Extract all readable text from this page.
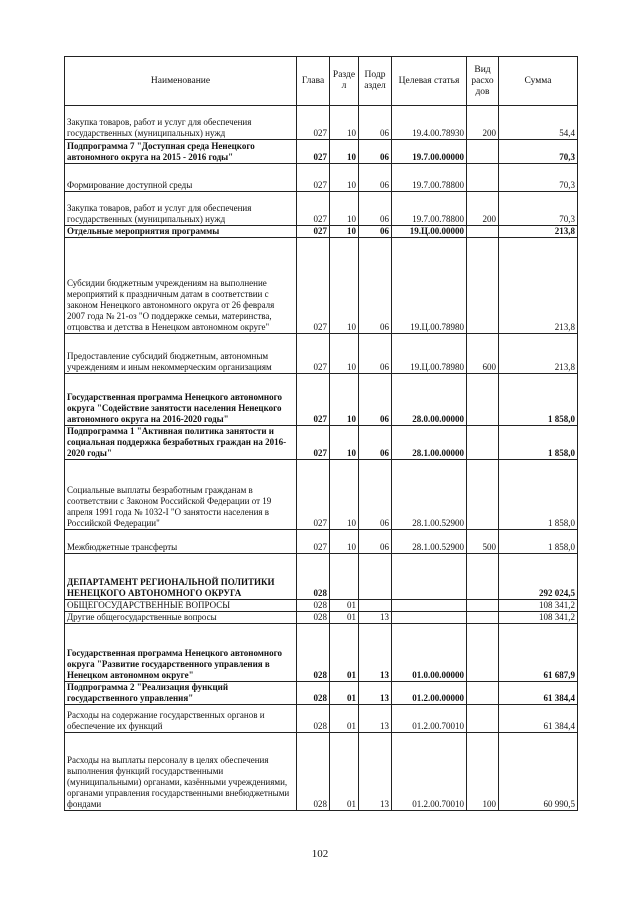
Наименование	Глава	Разде л	Подр аздел	Целевая статья	Вид расхо дов	Сумма
Закупка товаров, работ и услуг для обеспечения государственных (муниципальных) нужд	027	10	06	19.4.00.78930	200	54,4
Подпрограмма 7 "Доступная среда Ненецкого автономного округа на 2015 - 2016 годы"	027	10	06	19.7.00.00000		70,3
Формирование доступной среды	027	10	06	19.7.00.78800		70,3
Закупка товаров, работ и услуг для обеспечения государственных (муниципальных) нужд	027	10	06	19.7.00.78800	200	70,3
Отдельные мероприятия программы	027	10	06	19.Ц.00.00000		213,8
Субсидии бюджетным учреждениям на выполнение мероприятий к праздничным датам в соответствии с законом Ненецкого автономного округа от 26 февраля 2007 года № 21-оз "О поддержке семьи, материнства, отцовства и детства в Ненецком автономном округе"	027	10	06	19.Ц.00.78980		213,8
Предоставление субсидий бюджетным, автономным учреждениям и иным некоммерческим организациям	027	10	06	19.Ц.00.78980	600	213,8
Государственная программа Ненецкого автономного округа "Содействие занятости населения Ненецкого автономного округа на 2016-2020 годы"	027	10	06	28.0.00.00000		1 858,0
Подпрограмма 1 "Активная политика занятости и социальная поддержка безработных граждан на 2016-2020 годы"	027	10	06	28.1.00.00000		1 858,0
Социальные выплаты безработным гражданам в соответствии с Законом Российской Федерации от 19 апреля 1991 года № 1032-I "О занятости населения в Российской Федерации"	027	10	06	28.1.00.52900		1 858,0
Межбюджетные трансферты	027	10	06	28.1.00.52900	500	1 858,0
ДЕПАРТАМЕНТ РЕГИОНАЛЬНОЙ ПОЛИТИКИ НЕНЕЦКОГО АВТОНОМНОГО ОКРУГА	028					292 024,5
ОБЩЕГОСУДАРСТВЕННЫЕ ВОПРОСЫ	028	01				108 341,2
Другие общегосударственные вопросы	028	01	13			108 341,2
Государственная программа Ненецкого автономного округа "Развитие государственного управления в Ненецком автономном округе"	028	01	13	01.0.00.00000		61 687,9
Подпрограмма 2 "Реализация функций государственного управления"	028	01	13	01.2.00.00000		61 384,4
Расходы на содержание государственных органов и обеспечение их функций	028	01	13	01.2.00.70010		61 384,4
Расходы на выплаты персоналу в целях обеспечения выполнения функций государственными (муниципальными) органами, казёнными учреждениями, органами управления государственными внебюджетными фондами	028	01	13	01.2.00.70010	100	60 990,5
102
